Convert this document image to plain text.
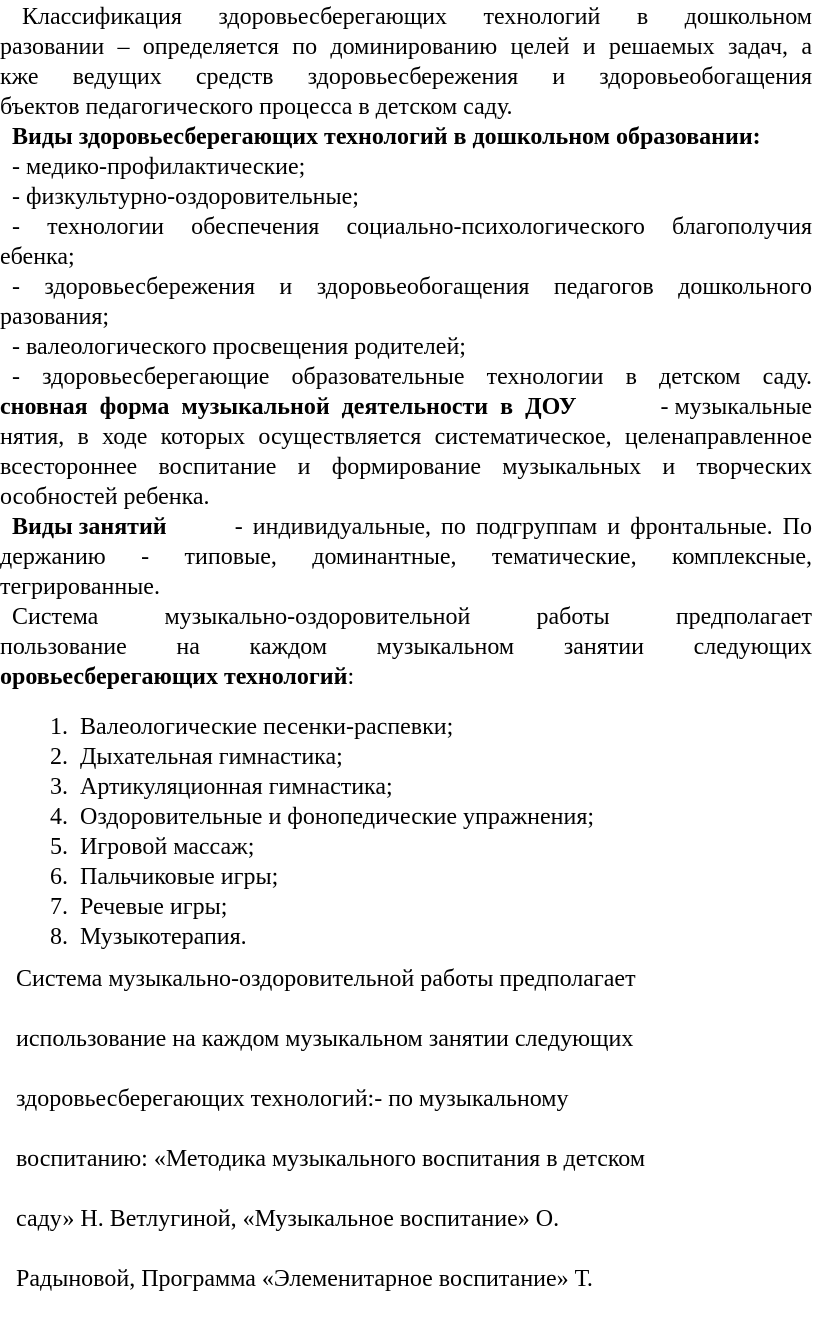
Классификация здоровьесберегающих технологий в дошкольном
разовании – определяется по доминированию целей и решаемых задач, а
кже ведущих средств здоровьесбережения и здоровьеобогащения
бъектов педагогического процесса в детском саду.
Виды здоровьесберегающих технологий в дошкольном образовании:
- медико-профилактические;
- физкультурно-оздоровительные;
- технологии обеспечения социально-психологического благополучия
ебенка;
- здоровьесбережения и здоровьеобогащения педагогов дошкольного
разования;
- валеологического просвещения родителей;
- здоровьесберегающие образовательные технологии в детском саду.
сновная форма музыкальной деятельности в ДОУ	- музыкальные
нятия, в ходе которых осуществляется систематическое, целенаправленное
всестороннее воспитание и формирование музыкальных и творческих
особностей ребенка.
Виды занятий	- индивидуальные, по подгруппам и фронтальные. По
держанию - типовые, доминантные, тематические, комплексные,
тегрированные.
Система музыкально-оздоровительной работы предполагает
пользование на каждом музыкальном занятии следующих
оровьесберегающих технологий:
1. Валеологические песенки-распевки;
2. Дыхательная гимнастика;
3. Артикуляционная гимнастика;
4. Оздоровительные и фонопедические упражнения;
5. Игровой массаж;
6. Пальчиковые игры;
7. Речевые игры;
8. Музыкотерапия.
Система музыкально-оздоровительной работы предполагает
использование на каждом музыкальном занятии следующих
здоровьесберегающих технологий:- по музыкальному
воспитанию: «Методика музыкального воспитания в детском
саду» Н. Ветлугиной, «Музыкальное воспитание» О.
Радыновой, Программа «Элеменитарное воспитание» Т.
